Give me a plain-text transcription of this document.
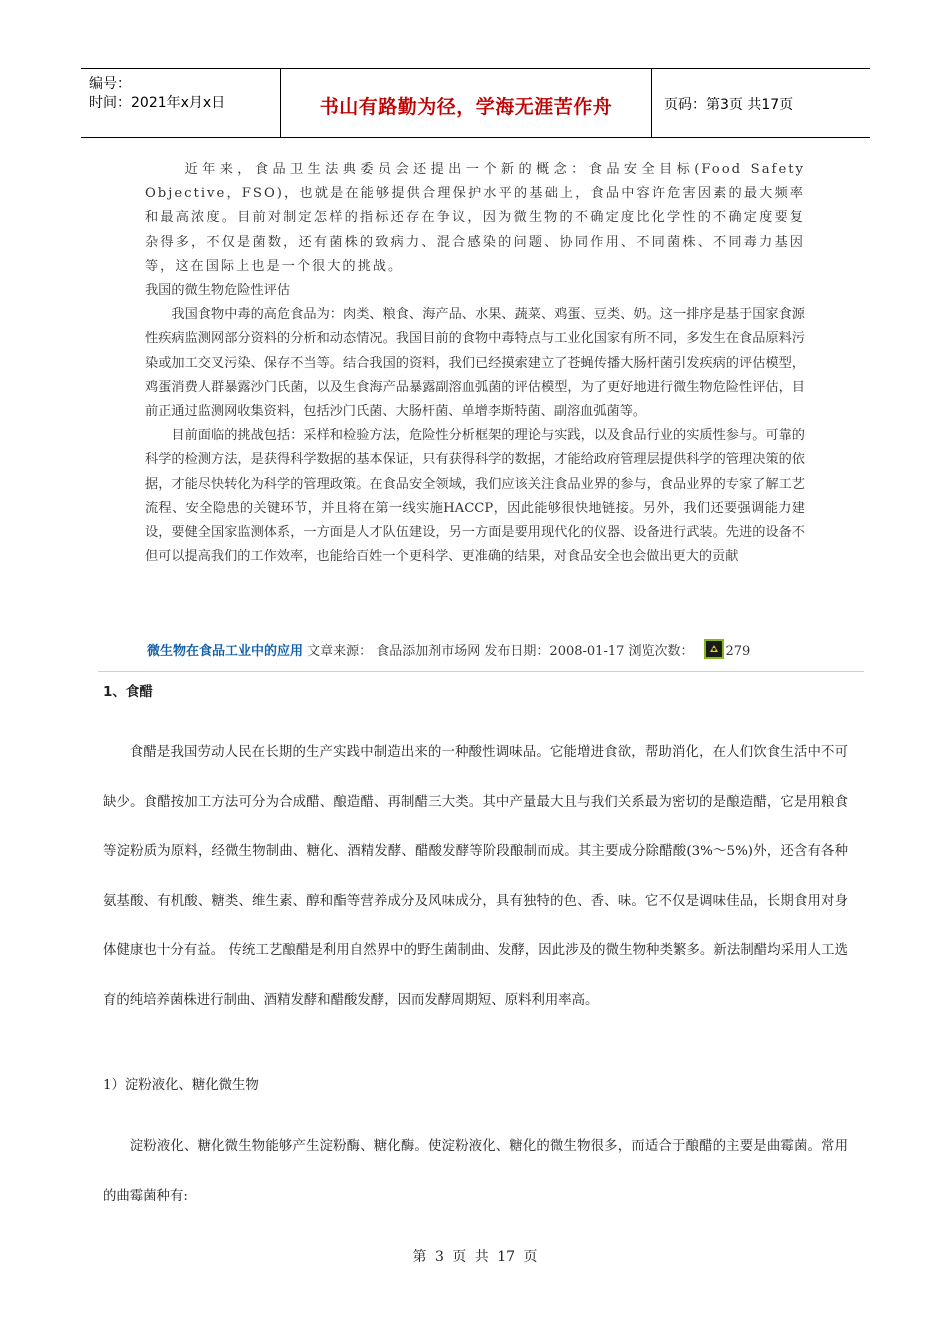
编号：
时间：2021年x月x日	书山有路勤为径，学海无涯苦作舟	页码：第3页 共17页

近年来，食品卫生法典委员会还提出一个新的概念：食品安全目标(Food Safety Objective，FSO)，也就是在能够提供合理保护水平的基础上，食品中容许危害因素的最大频率和最高浓度。目前对制定怎样的指标还存在争议，因为微生物的不确定度比化学性的不确定度要复杂得多，不仅是菌数，还有菌株的致病力、混合感染的问题、协同作用、不同菌株、不同毒力基因等，这在国际上也是一个很大的挑战。

我国的微生物危险性评估

我国食物中毒的高危食品为：肉类、粮食、海产品、水果、蔬菜、鸡蛋、豆类、奶。这一排序是基于国家食源性疾病监测网部分资料的分析和动态情况。我国目前的食物中毒特点与工业化国家有所不同，多发生在食品原料污染或加工交叉污染、保存不当等。结合我国的资料，我们已经摸索建立了苍蝇传播大肠杆菌引发疾病的评估模型，鸡蛋消费人群暴露沙门氏菌，以及生食海产品暴露副溶血弧菌的评估模型，为了更好地进行微生物危险性评估，目前正通过监测网收集资料，包括沙门氏菌、大肠杆菌、单增李斯特菌、副溶血弧菌等。

目前面临的挑战包括：采样和检验方法，危险性分析框架的理论与实践，以及食品行业的实质性参与。可靠的科学的检测方法，是获得科学数据的基本保证，只有获得科学的数据，才能给政府管理层提供科学的管理决策的依据，才能尽快转化为科学的管理政策。在食品安全领域，我们应该关注食品业界的参与，食品业界的专家了解工艺流程、安全隐患的关键环节，并且将在第一线实施HACCP，因此能够很快地链接。另外，我们还要强调能力建设，要健全国家监测体系，一方面是人才队伍建设，另一方面是要用现代化的仪器、设备进行武装。先进的设备不但可以提高我们的工作效率，也能给百姓一个更科学、更准确的结果，对食品安全也会做出更大的贡献

微生物在食品工业中的应用 文章来源： 食品添加剂市场网 发布日期：2008-01-17 浏览次数： 279
1、食醋

食醋是我国劳动人民在长期的生产实践中制造出来的一种酸性调味品。它能增进食欲，帮助消化，在人们饮食生活中不可缺少。食醋按加工方法可分为合成醋、酿造醋、再制醋三大类。其中产量最大且与我们关系最为密切的是酿造醋，它是用粮食等淀粉质为原料，经微生物制曲、糖化、酒精发酵、醋酸发酵等阶段酿制而成。其主要成分除醋酸(3%～5%)外，还含有各种氨基酸、有机酸、糖类、维生素、醇和酯等营养成分及风味成分，具有独特的色、香、味。它不仅是调味佳品，长期食用对身体健康也十分有益。 传统工艺酿醋是利用自然界中的野生菌制曲、发酵，因此涉及的微生物种类繁多。新法制醋均采用人工选育的纯培养菌株进行制曲、酒精发酵和醋酸发酵，因而发酵周期短、原料利用率高。

1）淀粉液化、糖化微生物

淀粉液化、糖化微生物能够产生淀粉酶、糖化酶。使淀粉液化、糖化的微生物很多，而适合于酿醋的主要是曲霉菌。常用的曲霉菌种有:

第 3 页 共 17 页
